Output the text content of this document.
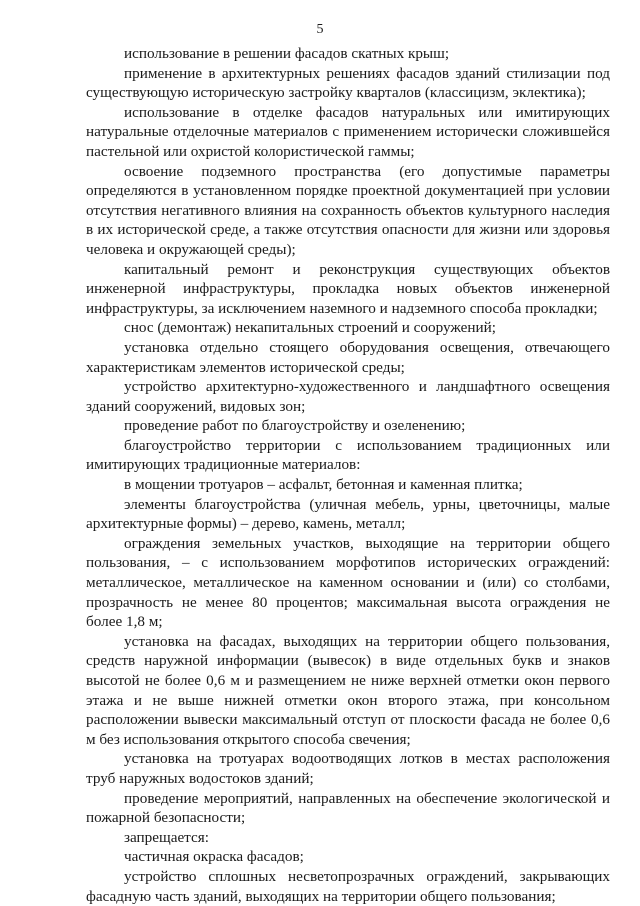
5

использование в решении фасадов скатных крыш;

применение в архитектурных решениях фасадов зданий стилизации под существующую историческую застройку кварталов (классицизм, эклектика);

использование в отделке фасадов натуральных или имитирующих натуральные отделочные материалов с применением исторически сложившейся пастельной или охристой колористической гаммы;

освоение подземного пространства (его допустимые параметры определяются в установленном порядке проектной документацией при условии отсутствия негативного влияния на сохранность объектов культурного наследия в их исторической среде, а также отсутствия опасности для жизни или здоровья человека и окружающей среды);

капитальный ремонт и реконструкция существующих объектов инженерной инфраструктуры, прокладка новых объектов инженерной инфраструктуры, за исключением наземного и надземного способа прокладки;

снос (демонтаж) некапитальных строений и сооружений;

установка отдельно стоящего оборудования освещения, отвечающего характеристикам элементов исторической среды;

устройство архитектурно-художественного и ландшафтного освещения зданий сооружений, видовых зон;

проведение работ по благоустройству и озеленению;

благоустройство территории с использованием традиционных или имитирующих традиционные материалов:

в мощении тротуаров – асфальт, бетонная и каменная плитка;

элементы благоустройства (уличная мебель, урны, цветочницы, малые архитектурные формы) – дерево, камень, металл;

ограждения земельных участков, выходящие на территории общего пользования, – с использованием морфотипов исторических ограждений: металлическое, металлическое на каменном основании и (или) со столбами, прозрачность не менее 80 процентов; максимальная высота ограждения не более 1,8 м;

установка на фасадах, выходящих на территории общего пользования, средств наружной информации (вывесок) в виде отдельных букв и знаков высотой не более 0,6 м и размещением не ниже верхней отметки окон первого этажа и не выше нижней отметки окон второго этажа, при консольном расположении вывески максимальный отступ от плоскости фасада не более 0,6 м без использования открытого способа свечения;

установка на тротуарах водоотводящих лотков в местах расположения труб наружных водостоков зданий;

проведение мероприятий, направленных на обеспечение экологической и пожарной безопасности;

запрещается:

частичная окраска фасадов;

устройство сплошных несветопрозрачных ограждений, закрывающих фасадную часть зданий, выходящих на территории общего пользования;
